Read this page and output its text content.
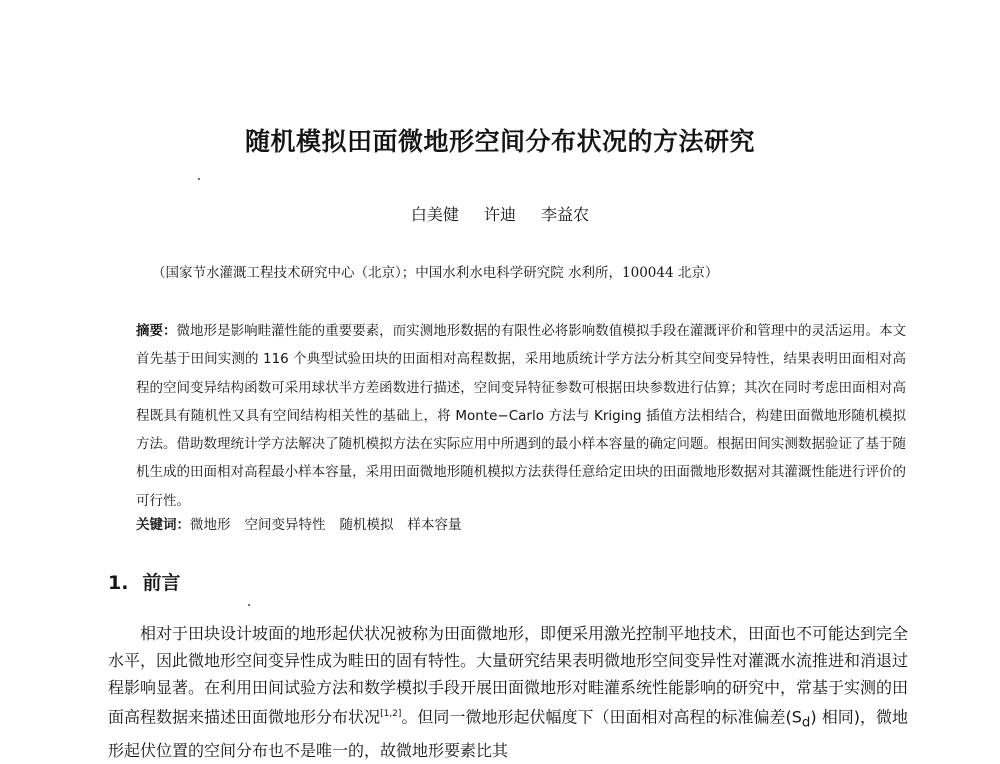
随机模拟田面微地形空间分布状况的方法研究
白美健 许迪 李益农
（国家节水灌溉工程技术研究中心（北京）；中国水利水电科学研究院 水利所，100044 北京）
摘要：微地形是影响畦灌性能的重要要素，而实测地形数据的有限性必将影响数值模拟手段在灌溉评价和管理中的灵活运用。本文首先基于田间实测的 116 个典型试验田块的田面相对高程数据，采用地质统计学方法分析其空间变异特性，结果表明田面相对高程的空间变异结构函数可采用球状半方差函数进行描述，空间变异特征参数可根据田块参数进行估算；其次在同时考虑田面相对高程既具有随机性又具有空间结构相关性的基础上，将 Monte−Carlo 方法与 Kriging 插值方法相结合，构建田面微地形随机模拟方法。借助数理统计学方法解决了随机模拟方法在实际应用中所遇到的最小样本容量的确定问题。根据田间实测数据验证了基于随机生成的田面相对高程最小样本容量，采用田面微地形随机模拟方法获得任意给定田块的田面微地形数据对其灌溉性能进行评价的可行性。
关键词：微地形 空间变异特性 随机模拟 样本容量
1. 前言
相对于田块设计坡面的地形起伏状况被称为田面微地形，即便采用激光控制平地技术，田面也不可能达到完全水平，因此微地形空间变异性成为畦田的固有特性。大量研究结果表明微地形空间变异性对灌溉水流推进和消退过程影响显著。在利用田间试验方法和数学模拟手段开展田面微地形对畦灌系统性能影响的研究中，常基于实测的田面高程数据来描述田面微地形分布状况[1,2]。但同一微地形起伏幅度下（田面相对高程的标准偏差$(S_d)$ 相同)，微地形起伏位置的空间分布也不是唯一的，故微地形要素比其
